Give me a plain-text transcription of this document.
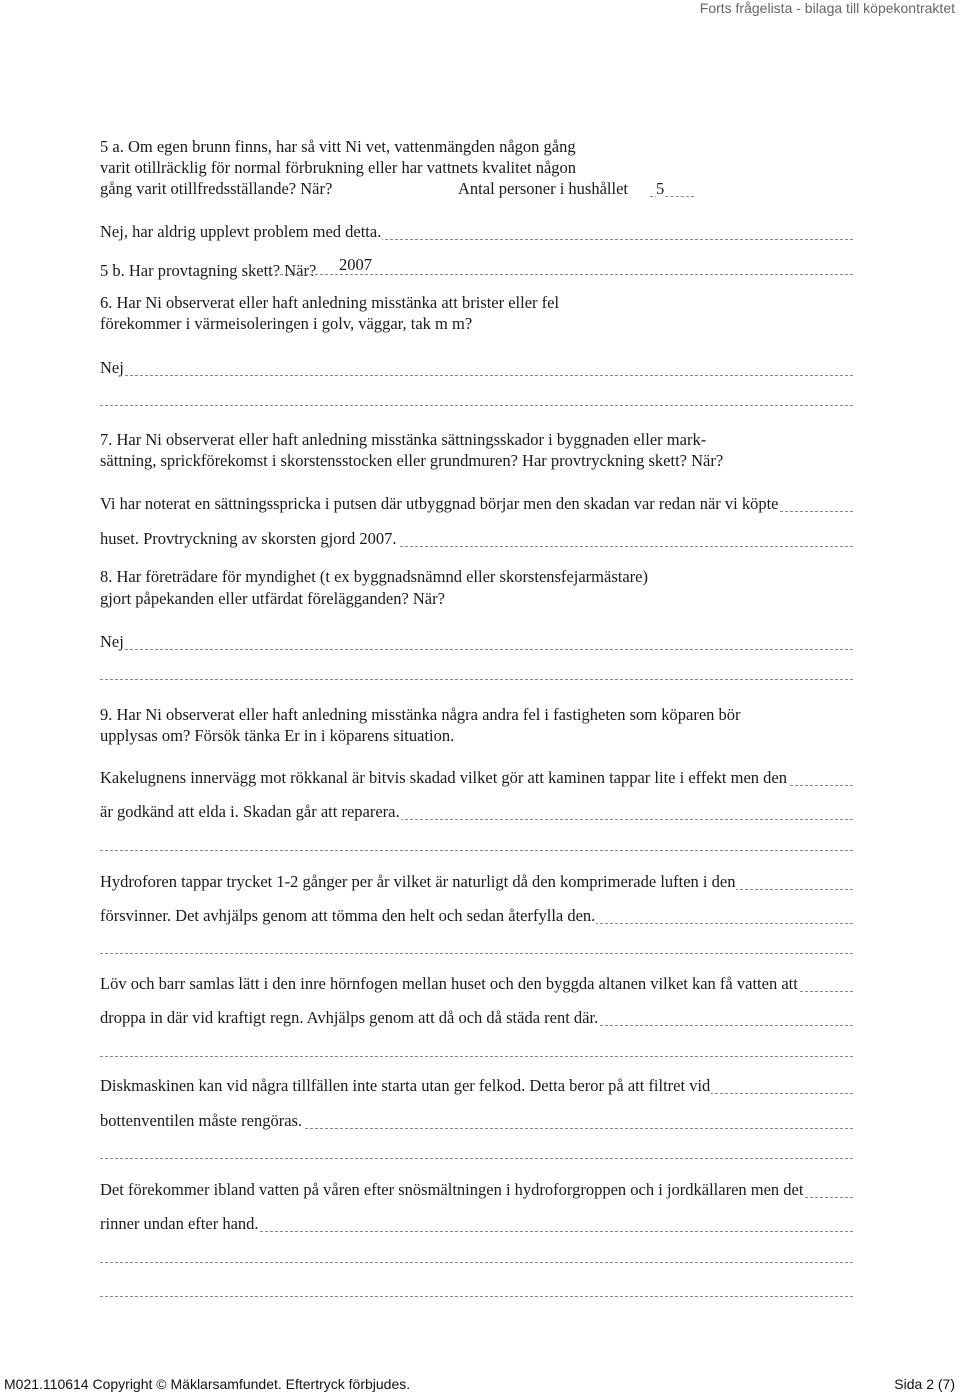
Forts frågelista - bilaga till köpekontraktet
5 a. Om egen brunn finns, har så vitt Ni vet, vattenmängden någon gång
varit otillräcklig för normal förbrukning eller har vattnets kvalitet någon
gång varit otillfredsställande? När?	Antal personer i hushållet 5
Nej, har aldrig upplevt problem med detta.
5 b. Har provtagning skett? När? 2007
6. Har Ni observerat eller haft anledning misstänka att brister eller fel
förekommer i värmeisoleringen i golv, väggar, tak m m?
Nej
7. Har Ni observerat eller haft anledning misstänka sättningsskador i byggnaden eller mark-
sättning, sprickförekomst i skorstensstocken eller grundmuren? Har provtryckning skett? När?
Vi har noterat en sättningsspricka i putsen där utbyggnad börjar men den skadan var redan när vi köpte
huset. Provtryckning av skorsten gjord 2007.
8. Har företrädare för myndighet (t ex byggnadsnämnd eller skorstensfejarmästare)
gjort påpekanden eller utfärdat förelägganden? När?
Nej
9. Har Ni observerat eller haft anledning misstänka några andra fel i fastigheten som köparen bör
upplysas om? Försök tänka Er in i köparens situation.
Kakelugnens innervägg mot rökkanal är bitvis skadad vilket gör att kaminen tappar lite i effekt men den
är godkänd att elda i. Skadan går att reparera.
Hydroforen tappar trycket 1-2 gånger per år vilket är naturligt då den komprimerade luften i den
försvinner. Det avhjälps genom att tömma den helt och sedan återfylla den.
Löv och barr samlas lätt i den inre hörnfogen mellan huset och den byggda altanen vilket kan få vatten att
droppa in där vid kraftigt regn. Avhjälps genom att då och då städa rent där.
Diskmaskinen kan vid några tillfällen inte starta utan ger felkod. Detta beror på att filtret vid
bottenventilen måste rengöras.
Det förekommer ibland vatten på våren efter snösmältningen i hydroforgroppen och i jordkällaren men det
rinner undan efter hand.
M021.110614 Copyright © Mäklarsamfundet. Eftertryck förbjudes.	Sida 2 (7)
